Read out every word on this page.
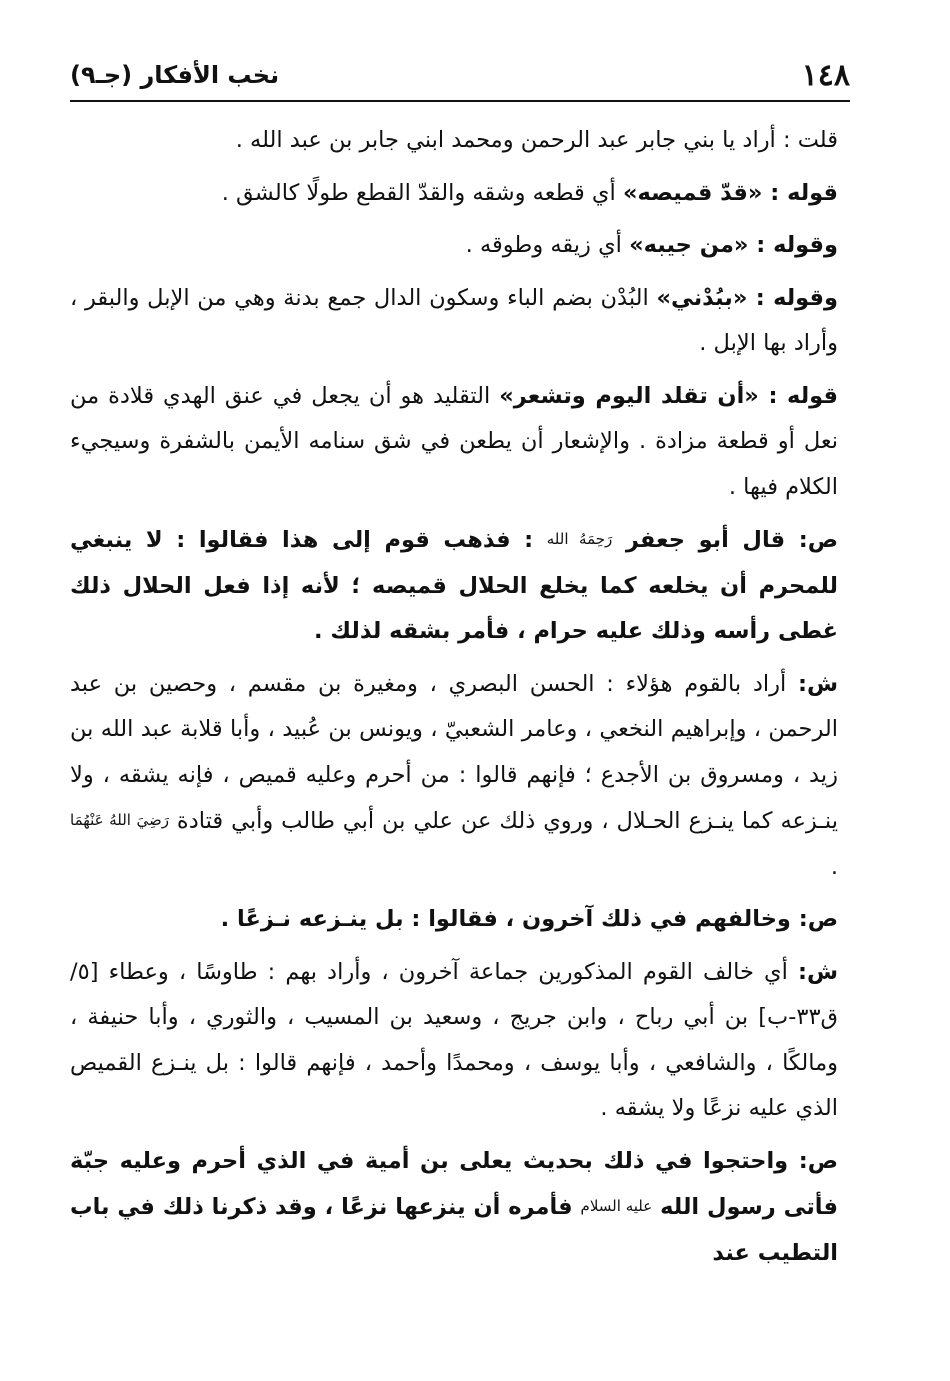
١٤٨
نخب الأفكار (جـ٩)

قلت : أراد يا بني جابر عبد الرحمن ومحمد ابني جابر بن عبد الله .

قوله : «قدّ قميصه» أي قطعه وشقه والقدّ القطع طولًا كالشق .

وقوله : «من جيبه» أي زيقه وطوقه .

وقوله : «ببُدْني» البُدْن بضم الباء وسكون الدال جمع بدنة وهي من الإبل والبقر ، وأراد بها الإبل .

قوله : «أن تقلد اليوم وتشعر» التقليد هو أن يجعل في عنق الهدي قلادة من نعل أو قطعة مزادة . والإشعار أن يطعن في شق سنامه الأيمن بالشفرة وسيجيء الكلام فيها .

ص: قال أبو جعفر رَحِمَهُ الله : فذهب قوم إلى هذا فقالوا : لا ينبغي للمحرم أن يخلعه كما يخلع الحلال قميصه ؛ لأنه إذا فعل الحلال ذلك غطى رأسه وذلك عليه حرام ، فأمر بشقه لذلك .

ش: أراد بالقوم هؤلاء : الحسن البصري ، ومغيرة بن مقسم ، وحصين بن عبد الرحمن ، وإبراهيم النخعي ، وعامر الشعبيّ ، ويونس بن عُبيد ، وأبا قلابة عبد الله بن زيد ، ومسروق بن الأجدع ؛ فإنهم قالوا : من أحرم وعليه قميص ، فإنه يشقه ، ولا ينـزعه كما ينـزع الحـلال ، وروي ذلك عن علي بن أبي طالب وأبي قتادة رَضِيَ اللهُ عَنْهُمَا .

ص: وخالفهم في ذلك آخرون ، فقالوا : بل ينـزعه نـزعًا .

ش: أي خالف القوم المذكورين جماعة آخرون ، وأراد بهم : طاوسًا ، وعطاء [٥/ق٣٣-ب] بن أبي رباح ، وابن جريج ، وسعيد بن المسيب ، والثوري ، وأبا حنيفة ، ومالكًا ، والشافعي ، وأبا يوسف ، ومحمدًا وأحمد ، فإنهم قالوا : بل ينـزع القميص الذي عليه نزعًا ولا يشقه .

ص: واحتجوا في ذلك بحديث يعلى بن أمية في الذي أحرم وعليه جبّة فأتى رسول الله عليه السلام فأمره أن ينزعها نزعًا ، وقد ذكرنا ذلك في باب التطيب عند
